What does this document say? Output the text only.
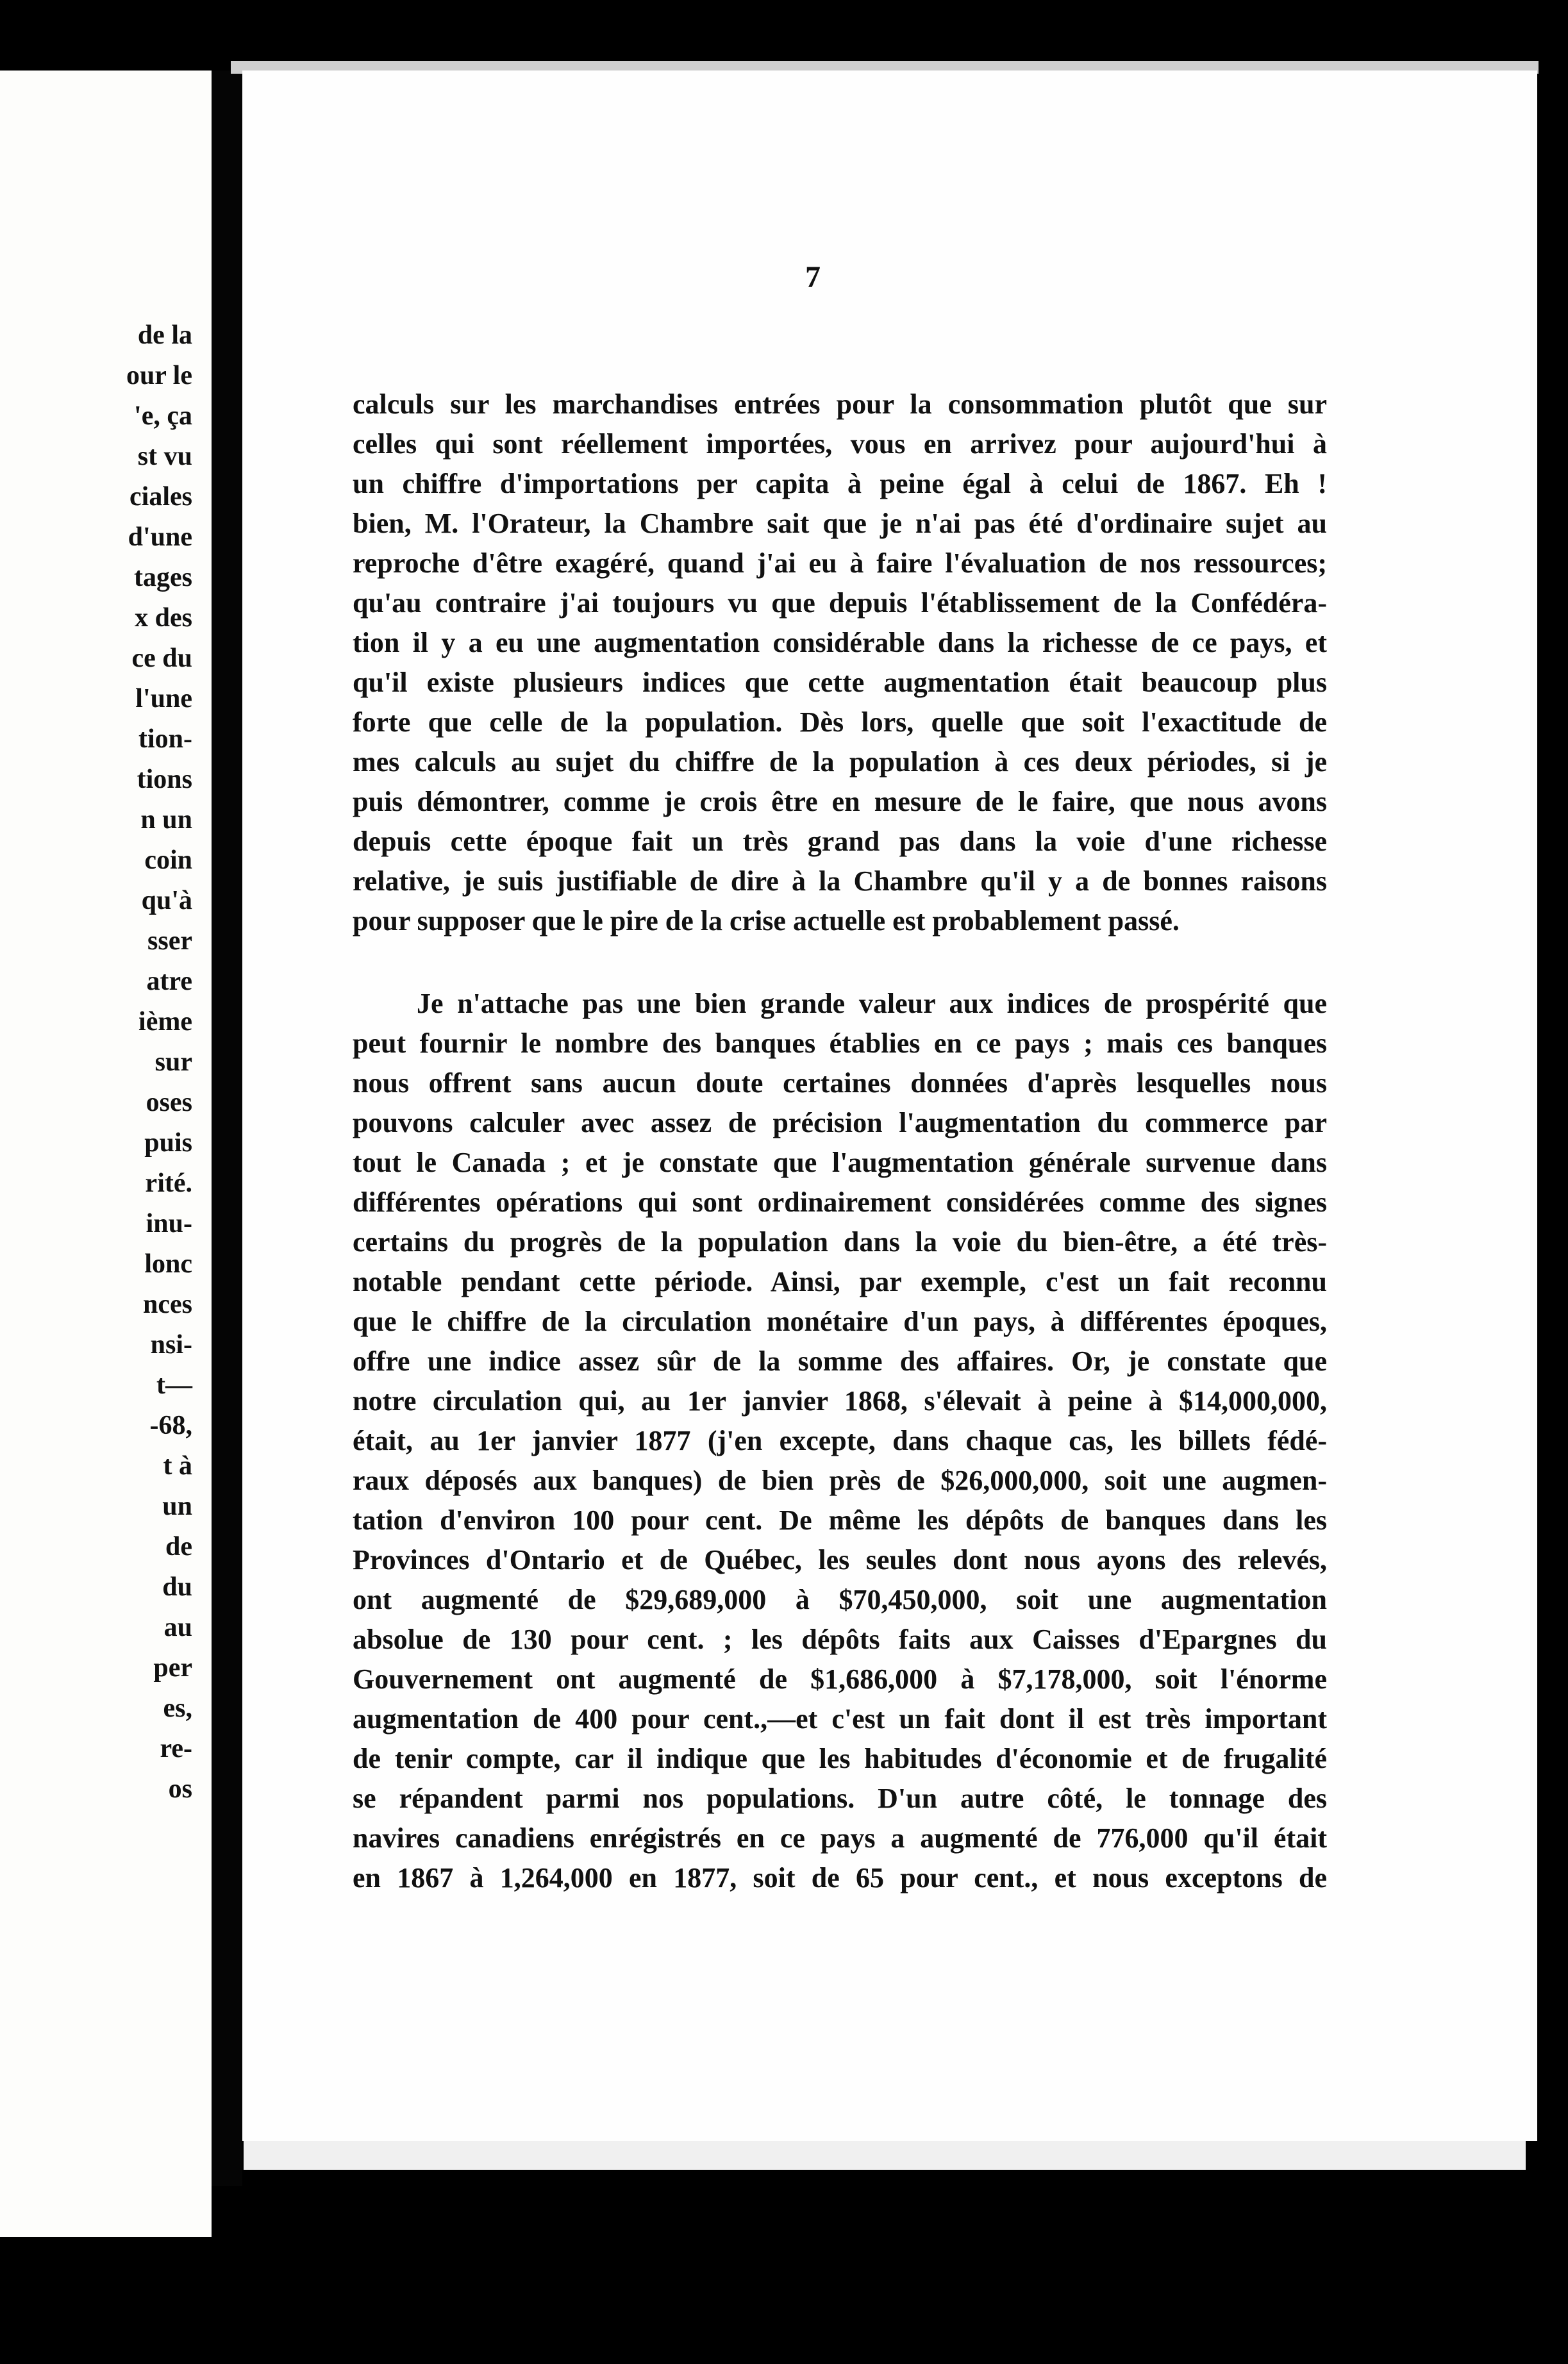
de la
our le
'e, ça
st vu
ciales
d'une
tages
x des
ce du
l'une
tion-
tions
n un
coin
qu'à
sser
atre
ième
sur
oses
puis
rité.
inu-
lonc
nces
nsi-
t—
-68,
t à
un
de
du
au
per
es,
re-
os
7
calculs sur les marchandises entrées pour la consommation plutôt que sur
celles qui sont réellement importées, vous en arrivez pour aujourd'hui à
un chiffre d'importations per capita à peine égal à celui de 1867. Eh !
bien, M. l'Orateur, la Chambre sait que je n'ai pas été d'ordinaire sujet au
reproche d'être exagéré, quand j'ai eu à faire l'évaluation de nos ressources;
qu'au contraire j'ai toujours vu que depuis l'établissement de la Confédéra-
tion il y a eu une augmentation considérable dans la richesse de ce pays, et
qu'il existe plusieurs indices que cette augmentation était beaucoup plus
forte que celle de la population. Dès lors, quelle que soit l'exactitude de
mes calculs au sujet du chiffre de la population à ces deux périodes, si je
puis démontrer, comme je crois être en mesure de le faire, que nous avons
depuis cette époque fait un très grand pas dans la voie d'une richesse
relative, je suis justifiable de dire à la Chambre qu'il y a de bonnes raisons
pour supposer que le pire de la crise actuelle est probablement passé.
Je n'attache pas une bien grande valeur aux indices de prospérité que
peut fournir le nombre des banques établies en ce pays ; mais ces banques
nous offrent sans aucun doute certaines données d'après lesquelles nous
pouvons calculer avec assez de précision l'augmentation du commerce par
tout le Canada ; et je constate que l'augmentation générale survenue dans
différentes opérations qui sont ordinairement considérées comme des signes
certains du progrès de la population dans la voie du bien-être, a été très-
notable pendant cette période. Ainsi, par exemple, c'est un fait reconnu
que le chiffre de la circulation monétaire d'un pays, à différentes époques,
offre une indice assez sûr de la somme des affaires. Or, je constate que
notre circulation qui, au 1er janvier 1868, s'élevait à peine à $14,000,000,
était, au 1er janvier 1877 (j'en excepte, dans chaque cas, les billets fédé-
raux déposés aux banques) de bien près de $26,000,000, soit une augmen-
tation d'environ 100 pour cent. De même les dépôts de banques dans les
Provinces d'Ontario et de Québec, les seules dont nous ayons des relevés,
ont augmenté de $29,689,000 à $70,450,000, soit une augmentation
absolue de 130 pour cent. ; les dépôts faits aux Caisses d'Epargnes du
Gouvernement ont augmenté de $1,686,000 à $7,178,000, soit l'énorme
augmentation de 400 pour cent.,—et c'est un fait dont il est très important
de tenir compte, car il indique que les habitudes d'économie et de frugalité
se répandent parmi nos populations. D'un autre côté, le tonnage des
navires canadiens enrégistrés en ce pays a augmenté de 776,000 qu'il était
en 1867 à 1,264,000 en 1877, soit de 65 pour cent., et nous exceptons de
